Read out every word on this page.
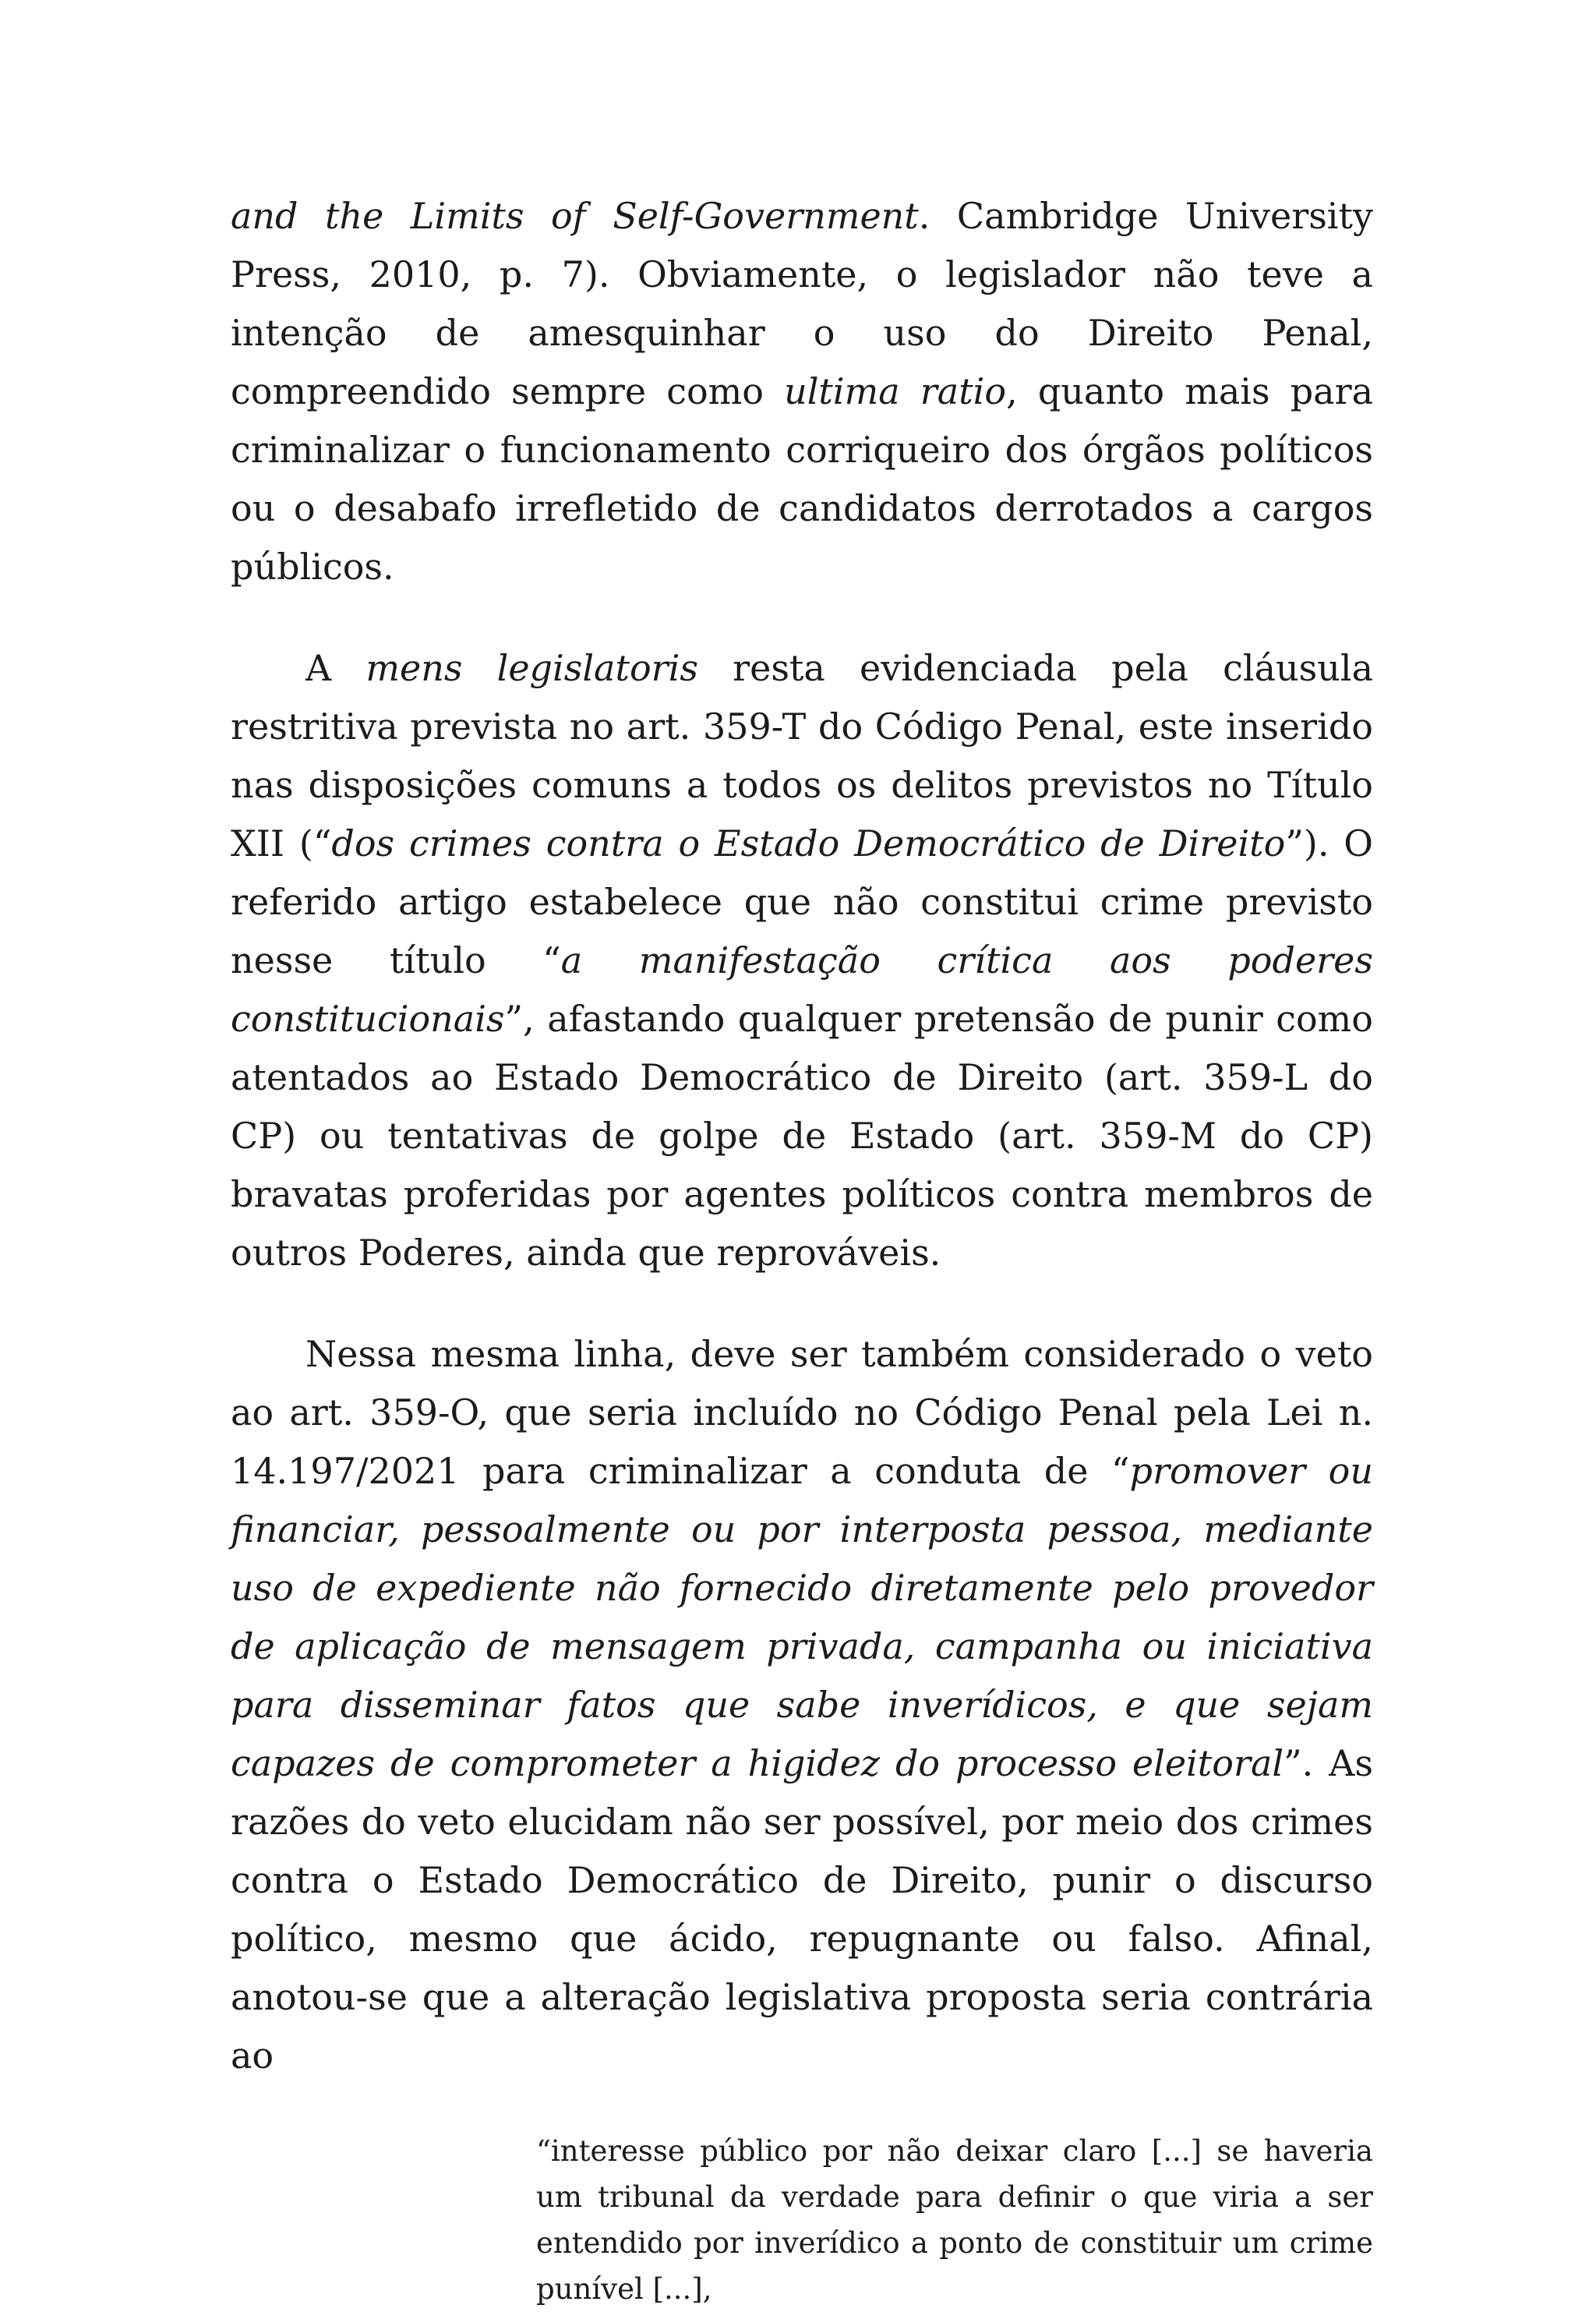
and the Limits of Self-Government. Cambridge University Press, 2010, p. 7). Obviamente, o legislador não teve a intenção de amesquinhar o uso do Direito Penal, compreendido sempre como ultima ratio, quanto mais para criminalizar o funcionamento corriqueiro dos órgãos políticos ou o desabafo irrefletido de candidatos derrotados a cargos públicos.

A mens legislatoris resta evidenciada pela cláusula restritiva prevista no art. 359-T do Código Penal, este inserido nas disposições comuns a todos os delitos previstos no Título XII (“dos crimes contra o Estado Democrático de Direito”). O referido artigo estabelece que não constitui crime previsto nesse título “a manifestação crítica aos poderes constitucionais”, afastando qualquer pretensão de punir como atentados ao Estado Democrático de Direito (art. 359-L do CP) ou tentativas de golpe de Estado (art. 359-M do CP) bravatas proferidas por agentes políticos contra membros de outros Poderes, ainda que reprováveis.

Nessa mesma linha, deve ser também considerado o veto ao art. 359-O, que seria incluído no Código Penal pela Lei n. 14.197/2021 para criminalizar a conduta de “promover ou financiar, pessoalmente ou por interposta pessoa, mediante uso de expediente não fornecido diretamente pelo provedor de aplicação de mensagem privada, campanha ou iniciativa para disseminar fatos que sabe inverídicos, e que sejam capazes de comprometer a higidez do processo eleitoral”. As razões do veto elucidam não ser possível, por meio dos crimes contra o Estado Democrático de Direito, punir o discurso político, mesmo que ácido, repugnante ou falso. Afinal, anotou-se que a alteração legislativa proposta seria contrária ao

“interesse público por não deixar claro [...] se haveria um tribunal da verdade para definir o que viria a ser entendido por inverídico a ponto de constituir um crime punível [...],
